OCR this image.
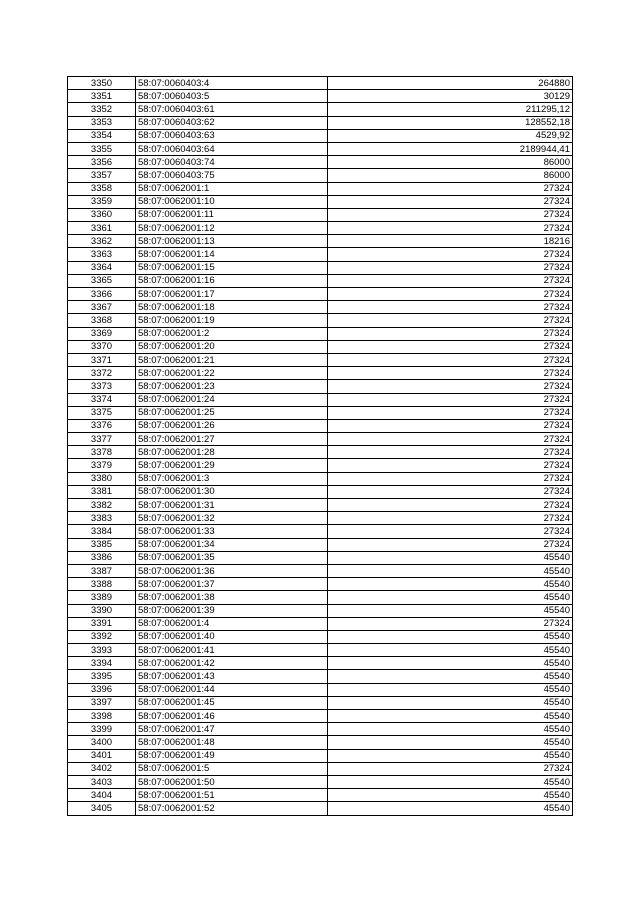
3350	58:07:0060403:4	264880
3351	58:07:0060403:5	30129
3352	58:07:0060403:61	211295,12
3353	58:07:0060403:62	128552,18
3354	58:07:0060403:63	4529,92
3355	58:07:0060403:64	2189944,41
3356	58:07:0060403:74	86000
3357	58:07:0060403:75	86000
3358	58:07:0062001:1	27324
3359	58:07:0062001:10	27324
3360	58:07:0062001:11	27324
3361	58:07:0062001:12	27324
3362	58:07:0062001:13	18216
3363	58:07:0062001:14	27324
3364	58:07:0062001:15	27324
3365	58:07:0062001:16	27324
3366	58:07:0062001:17	27324
3367	58:07:0062001:18	27324
3368	58:07:0062001:19	27324
3369	58:07:0062001:2	27324
3370	58:07:0062001:20	27324
3371	58:07:0062001:21	27324
3372	58:07:0062001:22	27324
3373	58:07:0062001:23	27324
3374	58:07:0062001:24	27324
3375	58:07:0062001:25	27324
3376	58:07:0062001:26	27324
3377	58:07:0062001:27	27324
3378	58:07:0062001:28	27324
3379	58:07:0062001:29	27324
3380	58:07:0062001:3	27324
3381	58:07:0062001:30	27324
3382	58:07:0062001:31	27324
3383	58:07:0062001:32	27324
3384	58:07:0062001:33	27324
3385	58:07:0062001:34	27324
3386	58:07:0062001:35	45540
3387	58:07:0062001:36	45540
3388	58:07:0062001:37	45540
3389	58:07:0062001:38	45540
3390	58:07:0062001:39	45540
3391	58:07:0062001:4	27324
3392	58:07:0062001:40	45540
3393	58:07:0062001:41	45540
3394	58:07:0062001:42	45540
3395	58:07:0062001:43	45540
3396	58:07:0062001:44	45540
3397	58:07:0062001:45	45540
3398	58:07:0062001:46	45540
3399	58:07:0062001:47	45540
3400	58:07:0062001:48	45540
3401	58:07:0062001:49	45540
3402	58:07:0062001:5	27324
3403	58:07:0062001:50	45540
3404	58:07:0062001:51	45540
3405	58:07:0062001:52	45540
